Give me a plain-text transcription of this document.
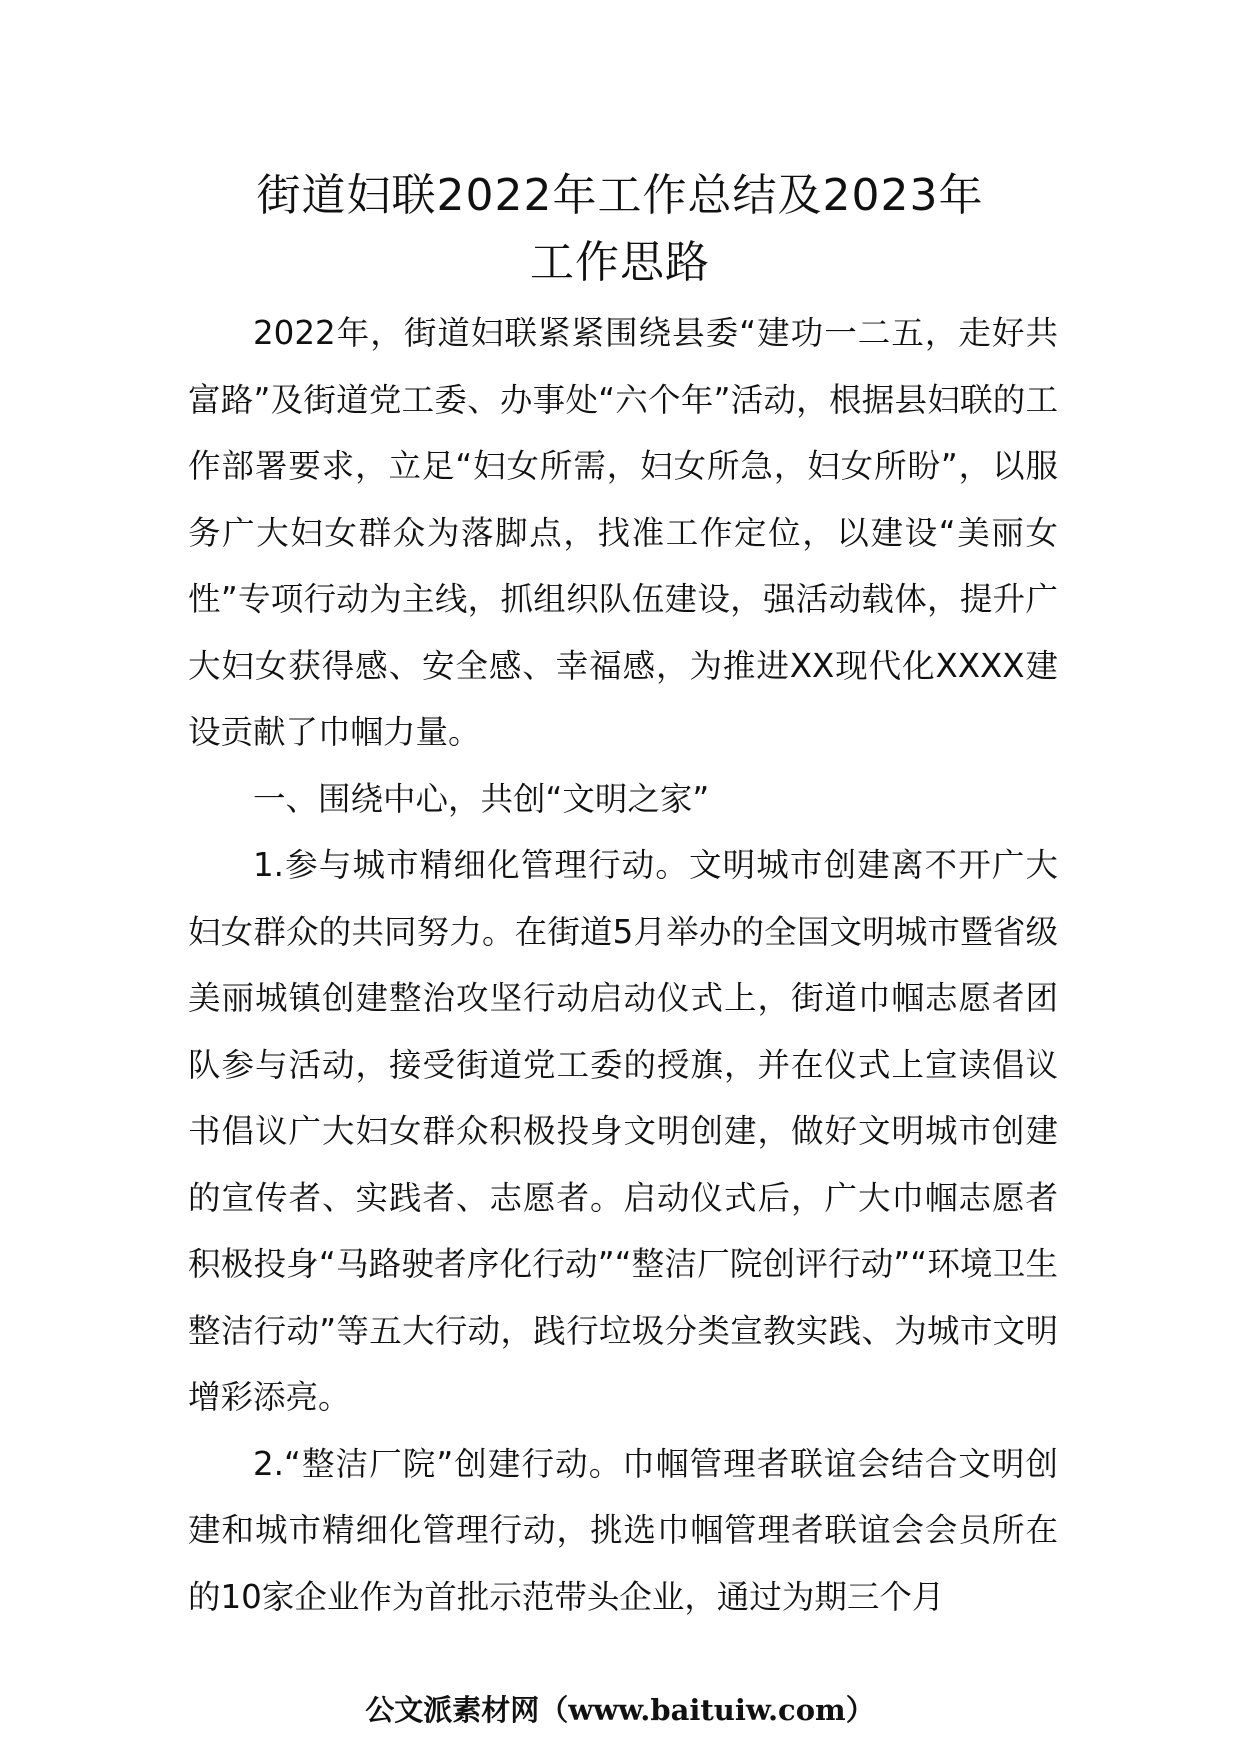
街道妇联2022年工作总结及2023年
工作思路

2022年，街道妇联紧紧围绕县委“建功一二五，走好共富路”及街道党工委、办事处“六个年”活动，根据县妇联的工作部署要求，立足“妇女所需，妇女所急，妇女所盼”，以服务广大妇女群众为落脚点，找准工作定位，以建设“美丽女性”专项行动为主线，抓组织队伍建设，强活动载体，提升广大妇女获得感、安全感、幸福感，为推进XX现代化XXXX建设贡献了巾帼力量。

一、围绕中心，共创“文明之家”

1.参与城市精细化管理行动。文明城市创建离不开广大妇女群众的共同努力。在街道5月举办的全国文明城市暨省级美丽城镇创建整治攻坚行动启动仪式上，街道巾帼志愿者团队参与活动，接受街道党工委的授旗，并在仪式上宣读倡议书倡议广大妇女群众积极投身文明创建，做好文明城市创建的宣传者、实践者、志愿者。启动仪式后，广大巾帼志愿者积极投身“马路驶者序化行动”“整洁厂院创评行动”“环境卫生整洁行动”等五大行动，践行垃圾分类宣教实践、为城市文明增彩添亮。

2.“整洁厂院”创建行动。巾帼管理者联谊会结合文明创建和城市精细化管理行动，挑选巾帼管理者联谊会会员所在的10家企业作为首批示范带头企业，通过为期三个月

公文派素材网（www.baituiw.com）
